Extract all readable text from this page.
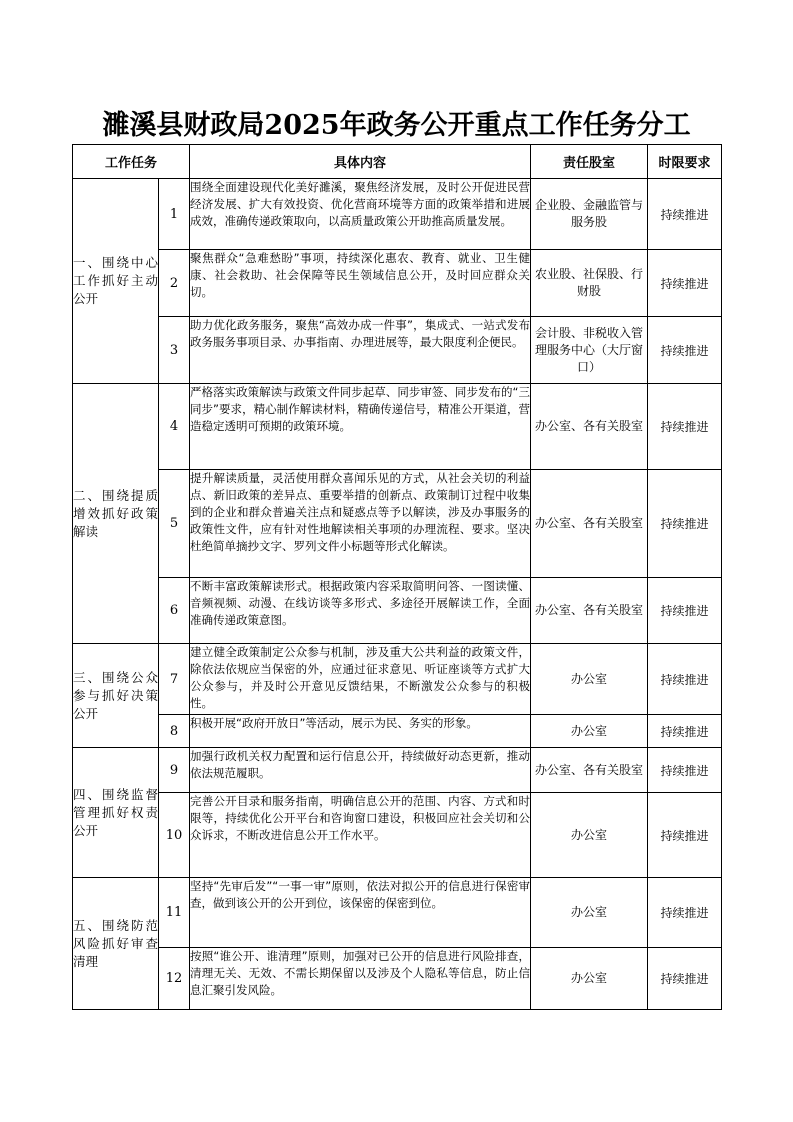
濉溪县财政局2025年政务公开重点工作任务分工
工作任务		具体内容	责任股室	时限要求
一、围绕中心工作抓好主动公开	1	围绕全面建设现代化美好濉溪，聚焦经济发展，及时公开促进民营经济发展、扩大有效投资、优化营商环境等方面的政策举措和进展成效，准确传递政策取向，以高质量政策公开助推高质量发展。	企业股、金融监管与服务股	持续推进
	2	聚焦群众“急难愁盼”事项，持续深化惠农、教育、就业、卫生健康、社会救助、社会保障等民生领域信息公开，及时回应群众关切。	农业股、社保股、行财股	持续推进
	3	助力优化政务服务，聚焦“高效办成一件事”，集成式、一站式发布政务服务事项目录、办事指南、办理进展等，最大限度利企便民。	会计股、非税收入管理服务中心（大厅窗口）	持续推进
二、围绕提质增效抓好政策解读	4	严格落实政策解读与政策文件同步起草、同步审签、同步发布的“三同步”要求，精心制作解读材料，精确传递信号，精准公开渠道，营造稳定透明可预期的政策环境。	办公室、各有关股室	持续推进
	5	提升解读质量，灵活使用群众喜闻乐见的方式，从社会关切的利益点、新旧政策的差异点、重要举措的创新点、政策制订过程中收集到的企业和群众普遍关注点和疑惑点等予以解读，涉及办事服务的政策性文件，应有针对性地解读相关事项的办理流程、要求。坚决杜绝简单摘抄文字、罗列文件小标题等形式化解读。	办公室、各有关股室	持续推进
	6	不断丰富政策解读形式。根据政策内容采取简明问答、一图读懂、音频视频、动漫、在线访谈等多形式、多途径开展解读工作，全面准确传递政策意图。	办公室、各有关股室	持续推进
三、围绕公众参与抓好决策公开	7	建立健全政策制定公众参与机制，涉及重大公共利益的政策文件，除依法依规应当保密的外，应通过征求意见、听证座谈等方式扩大公众参与，并及时公开意见反馈结果，不断激发公众参与的积极性。	办公室	持续推进
	8	积极开展“政府开放日”等活动，展示为民、务实的形象。	办公室	持续推进
四、围绕监督管理抓好权责公开	9	加强行政机关权力配置和运行信息公开，持续做好动态更新，推动依法规范履职。	办公室、各有关股室	持续推进
	10	完善公开目录和服务指南，明确信息公开的范围、内容、方式和时限等，持续优化公开平台和咨询窗口建设，积极回应社会关切和公众诉求，不断改进信息公开工作水平。	办公室	持续推进
五、围绕防范风险抓好审查清理	11	坚持“先审后发”“一事一审”原则，依法对拟公开的信息进行保密审查，做到该公开的公开到位，该保密的保密到位。	办公室	持续推进
	12	按照“谁公开、谁清理”原则，加强对已公开的信息进行风险排查，清理无关、无效、不需长期保留以及涉及个人隐私等信息，防止信息汇聚引发风险。	办公室	持续推进
